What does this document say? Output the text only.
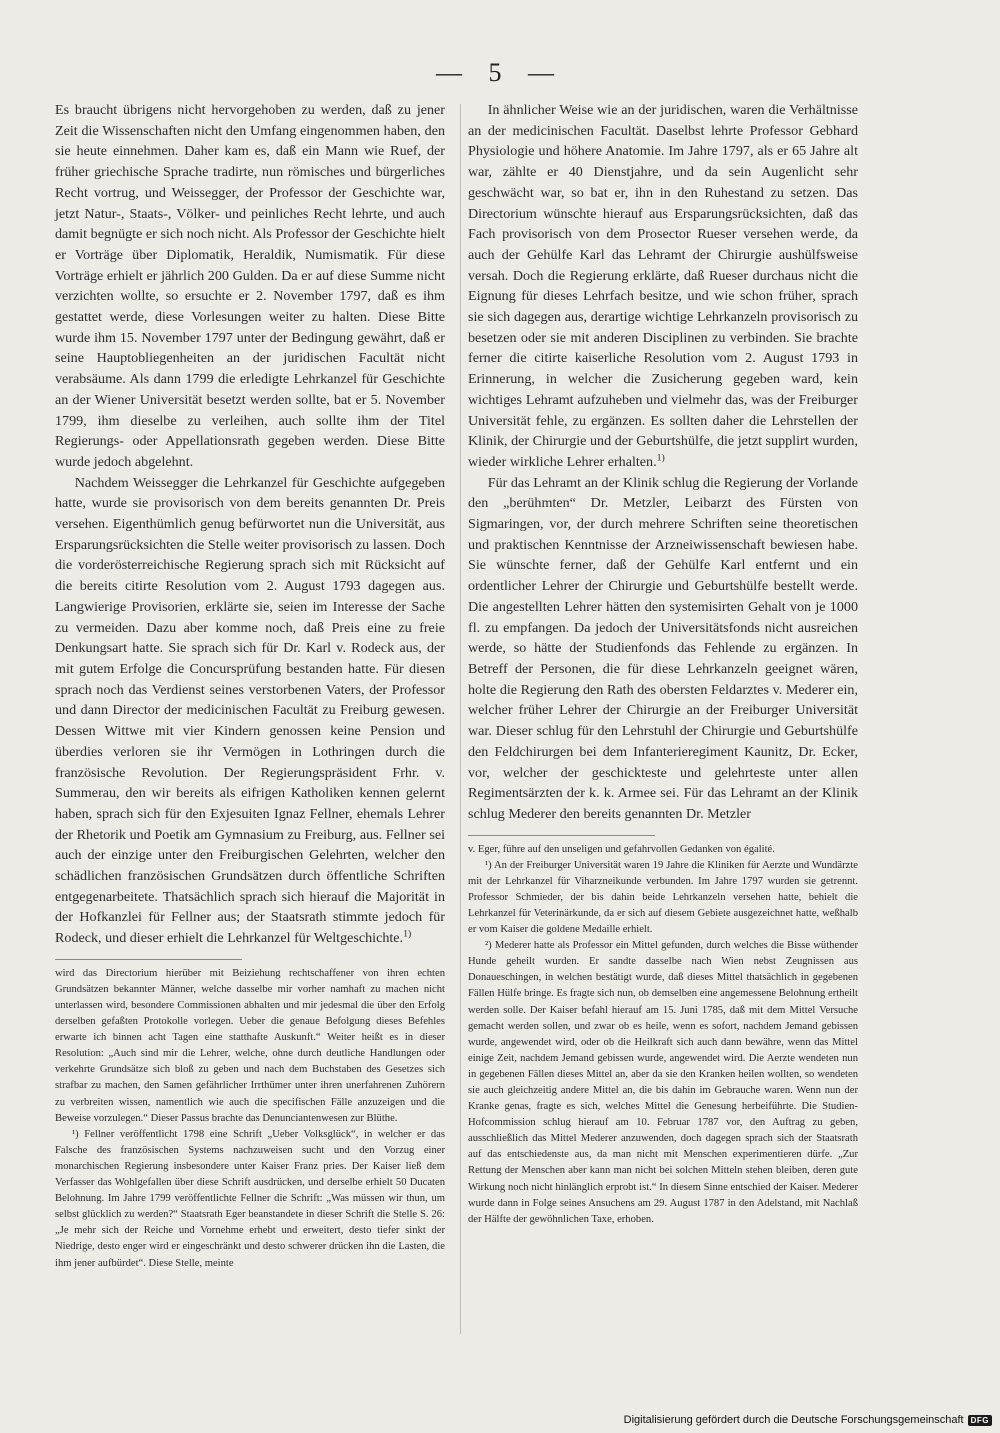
— 5 —

Es braucht übrigens nicht hervorgehoben zu werden, daß zu jener Zeit die Wissenschaften nicht den Umfang eingenommen haben, den sie heute einnehmen. Daher kam es, daß ein Mann wie Ruef, der früher griechische Sprache tradirte, nun römisches und bürgerliches Recht vortrug, und Weissegger, der Professor der Geschichte war, jetzt Natur-, Staats-, Völker- und peinliches Recht lehrte, und auch damit begnügte er sich noch nicht. Als Professor der Geschichte hielt er Vorträge über Diplomatik, Heraldik, Numismatik. Für diese Vorträge erhielt er jährlich 200 Gulden. Da er auf diese Summe nicht verzichten wollte, so ersuchte er 2. November 1797, daß es ihm gestattet werde, diese Vorlesungen weiter zu halten. Diese Bitte wurde ihm 15. November 1797 unter der Bedingung gewährt, daß er seine Hauptobliegenheiten an der juridischen Facultät nicht verabsäume. Als dann 1799 die erledigte Lehrkanzel für Geschichte an der Wiener Universität besetzt werden sollte, bat er 5. November 1799, ihm dieselbe zu verleihen, auch sollte ihm der Titel Regierungs- oder Appellationsrath gegeben werden. Diese Bitte wurde jedoch abgelehnt.

Nachdem Weissegger die Lehrkanzel für Geschichte aufgegeben hatte, wurde sie provisorisch von dem bereits genannten Dr. Preis versehen. Eigenthümlich genug befürwortet nun die Universität, aus Ersparungsrücksichten die Stelle weiter provisorisch zu lassen. Doch die vorderösterreichische Regierung sprach sich mit Rücksicht auf die bereits citirte Resolution vom 2. August 1793 dagegen aus. Langwierige Provisorien, erklärte sie, seien im Interesse der Sache zu vermeiden. Dazu aber komme noch, daß Preis eine zu freie Denkungsart hatte. Sie sprach sich für Dr. Karl v. Rodeck aus, der mit gutem Erfolge die Concursprüfung bestanden hatte. Für diesen sprach noch das Verdienst seines verstorbenen Vaters, der Professor und dann Director der medicinischen Facultät zu Freiburg gewesen. Dessen Wittwe mit vier Kindern genossen keine Pension und überdies verloren sie ihr Vermögen in Lothringen durch die französische Revolution. Der Regierungspräsident Frhr. v. Summerau, den wir bereits als eifrigen Katholiken kennen gelernt haben, sprach sich für den Exjesuiten Ignaz Fellner, ehemals Lehrer der Rhetorik und Poetik am Gymnasium zu Freiburg, aus. Fellner sei auch der einzige unter den Freiburgischen Gelehrten, welcher den schädlichen französischen Grundsätzen durch öffentliche Schriften entgegenarbeitete. Thatsächlich sprach sich hierauf die Majorität in der Hofkanzlei für Fellner aus; der Staatsrath stimmte jedoch für Rodeck, und dieser erhielt die Lehrkanzel für Weltgeschichte.$^{1)}$

wird das Directorium hierüber mit Beiziehung rechtschaffener von ihren echten Grundsätzen bekannter Männer, welche dasselbe mir vorher namhaft zu machen nicht unterlassen wird, besondere Commissionen abhalten und mir jedesmal die über den Erfolg derselben gefaßten Protokolle vorlegen. Ueber die genaue Befolgung dieses Befehles erwarte ich binnen acht Tagen eine statthafte Auskunft.“ Weiter heißt es in dieser Resolution: „Auch sind mir die Lehrer, welche, ohne durch deutliche Handlungen oder verkehrte Grundsätze sich bloß zu geben und nach dem Buchstaben des Gesetzes sich strafbar zu machen, den Samen gefährlicher Irrthümer unter ihren unerfahrenen Zuhörern zu verbreiten wissen, namentlich wie auch die specifischen Fälle anzuzeigen und die Beweise vorzulegen.“ Dieser Passus brachte das Denunciantenwesen zur Blüthe.

¹) Fellner veröffentlicht 1798 eine Schrift „Ueber Volksglück“, in welcher er das Falsche des französischen Systems nachzuweisen sucht und den Vorzug einer monarchischen Regierung insbesondere unter Kaiser Franz pries. Der Kaiser ließ dem Verfasser das Wohlgefallen über diese Schrift ausdrücken, und derselbe erhielt 50 Ducaten Belohnung. Im Jahre 1799 veröffentlichte Fellner die Schrift: „Was müssen wir thun, um selbst glücklich zu werden?“ Staatsrath Eger beanstandete in dieser Schrift die Stelle S. 26: „Je mehr sich der Reiche und Vornehme erhebt und erweitert, desto tiefer sinkt der Niedrige, desto enger wird er eingeschränkt und desto schwerer drücken ihn die Lasten, die ihm jener aufbürdet“. Diese Stelle, meinte

In ähnlicher Weise wie an der juridischen, waren die Verhältnisse an der medicinischen Facultät. Daselbst lehrte Professor Gebhard Physiologie und höhere Anatomie. Im Jahre 1797, als er 65 Jahre alt war, zählte er 40 Dienstjahre, und da sein Augenlicht sehr geschwächt war, so bat er, ihn in den Ruhestand zu setzen. Das Directorium wünschte hierauf aus Ersparungsrücksichten, daß das Fach provisorisch von dem Prosector Rueser versehen werde, da auch der Gehülfe Karl das Lehramt der Chirurgie aushülfsweise versah. Doch die Regierung erklärte, daß Rueser durchaus nicht die Eignung für dieses Lehrfach besitze, und wie schon früher, sprach sie sich dagegen aus, derartige wichtige Lehrkanzeln provisorisch zu besetzen oder sie mit anderen Disciplinen zu verbinden. Sie brachte ferner die citirte kaiserliche Resolution vom 2. August 1793 in Erinnerung, in welcher die Zusicherung gegeben ward, kein wichtiges Lehramt aufzuheben und vielmehr das, was der Freiburger Universität fehle, zu ergänzen. Es sollten daher die Lehrstellen der Klinik, der Chirurgie und der Geburtshülfe, die jetzt supplirt wurden, wieder wirkliche Lehrer erhalten.$^{1)}$

Für das Lehramt an der Klinik schlug die Regierung der Vorlande den „berühmten“ Dr. Metzler, Leibarzt des Fürsten von Sigmaringen, vor, der durch mehrere Schriften seine theoretischen und praktischen Kenntnisse der Arzneiwissenschaft bewiesen habe. Sie wünschte ferner, daß der Gehülfe Karl entfernt und ein ordentlicher Lehrer der Chirurgie und Geburtshülfe bestellt werde. Die angestellten Lehrer hätten den systemisirten Gehalt von je 1000 fl. zu empfangen. Da jedoch der Universitätsfonds nicht ausreichen werde, so hätte der Studienfonds das Fehlende zu ergänzen. In Betreff der Personen, die für diese Lehrkanzeln geeignet wären, holte die Regierung den Rath des obersten Feldarztes v. Mederer ein, welcher früher Lehrer der Chirurgie an der Freiburger Universität war. Dieser schlug für den Lehrstuhl der Chirurgie und Geburtshülfe den Feldchirurgen bei dem Infanterieregiment Kaunitz, Dr. Ecker, vor, welcher der geschickteste und gelehrteste unter allen Regimentsärzten der k. k. Armee sei. Für das Lehramt an der Klinik schlug Mederer den bereits genannten Dr. Metzler

v. Eger, führe auf den unseligen und gefahrvollen Gedanken von égalité.

¹) An der Freiburger Universität waren 19 Jahre die Kliniken für Aerzte und Wundärzte mit der Lehrkanzel für Viharzneikunde verbunden. Im Jahre 1797 wurden sie getrennt. Professor Schmieder, der bis dahin beide Lehrkanzeln versehen hatte, behielt die Lehrkanzel für Veterinärkunde, da er sich auf diesem Gebiete ausgezeichnet hatte, weßhalb er vom Kaiser die goldene Medaille erhielt.

²) Mederer hatte als Professor ein Mittel gefunden, durch welches die Bisse wüthender Hunde geheilt wurden. Er sandte dasselbe nach Wien nebst Zeugnissen aus Donaueschingen, in welchen bestätigt wurde, daß dieses Mittel thatsächlich in gegebenen Fällen Hülfe bringe. Es fragte sich nun, ob demselben eine angemessene Belohnung ertheilt werden solle. Der Kaiser befahl hierauf am 15. Juni 1785, daß mit dem Mittel Versuche gemacht werden sollen, und zwar ob es heile, wenn es sofort, nachdem Jemand gebissen wurde, angewendet wird, oder ob die Heilkraft sich auch dann bewähre, wenn das Mittel einige Zeit, nachdem Jemand gebissen wurde, angewendet wird. Die Aerzte wendeten nun in gegebenen Fällen dieses Mittel an, aber da sie den Kranken heilen wollten, so wendeten sie auch gleichzeitig andere Mittel an, die bis dahin im Gebrauche waren. Wenn nun der Kranke genas, fragte es sich, welches Mittel die Genesung herbeiführte. Die Studien-Hofcommission schlug hierauf am 10. Februar 1787 vor, den Auftrag zu geben, ausschließlich das Mittel Mederer anzuwenden, doch dagegen sprach sich der Staatsrath auf das entschiedenste aus, da man nicht mit Menschen experimentieren dürfe. „Zur Rettung der Menschen aber kann man nicht bei solchen Mitteln stehen bleiben, deren gute Wirkung noch nicht hinlänglich erprobt ist.“ In diesem Sinne entschied der Kaiser. Mederer wurde dann in Folge seines Ansuchens am 29. August 1787 in den Adelstand, mit Nachlaß der Hälfte der gewöhnlichen Taxe, erhoben.

Digitalisierung gefördert durch die Deutsche Forschungsgemeinschaft DFG
